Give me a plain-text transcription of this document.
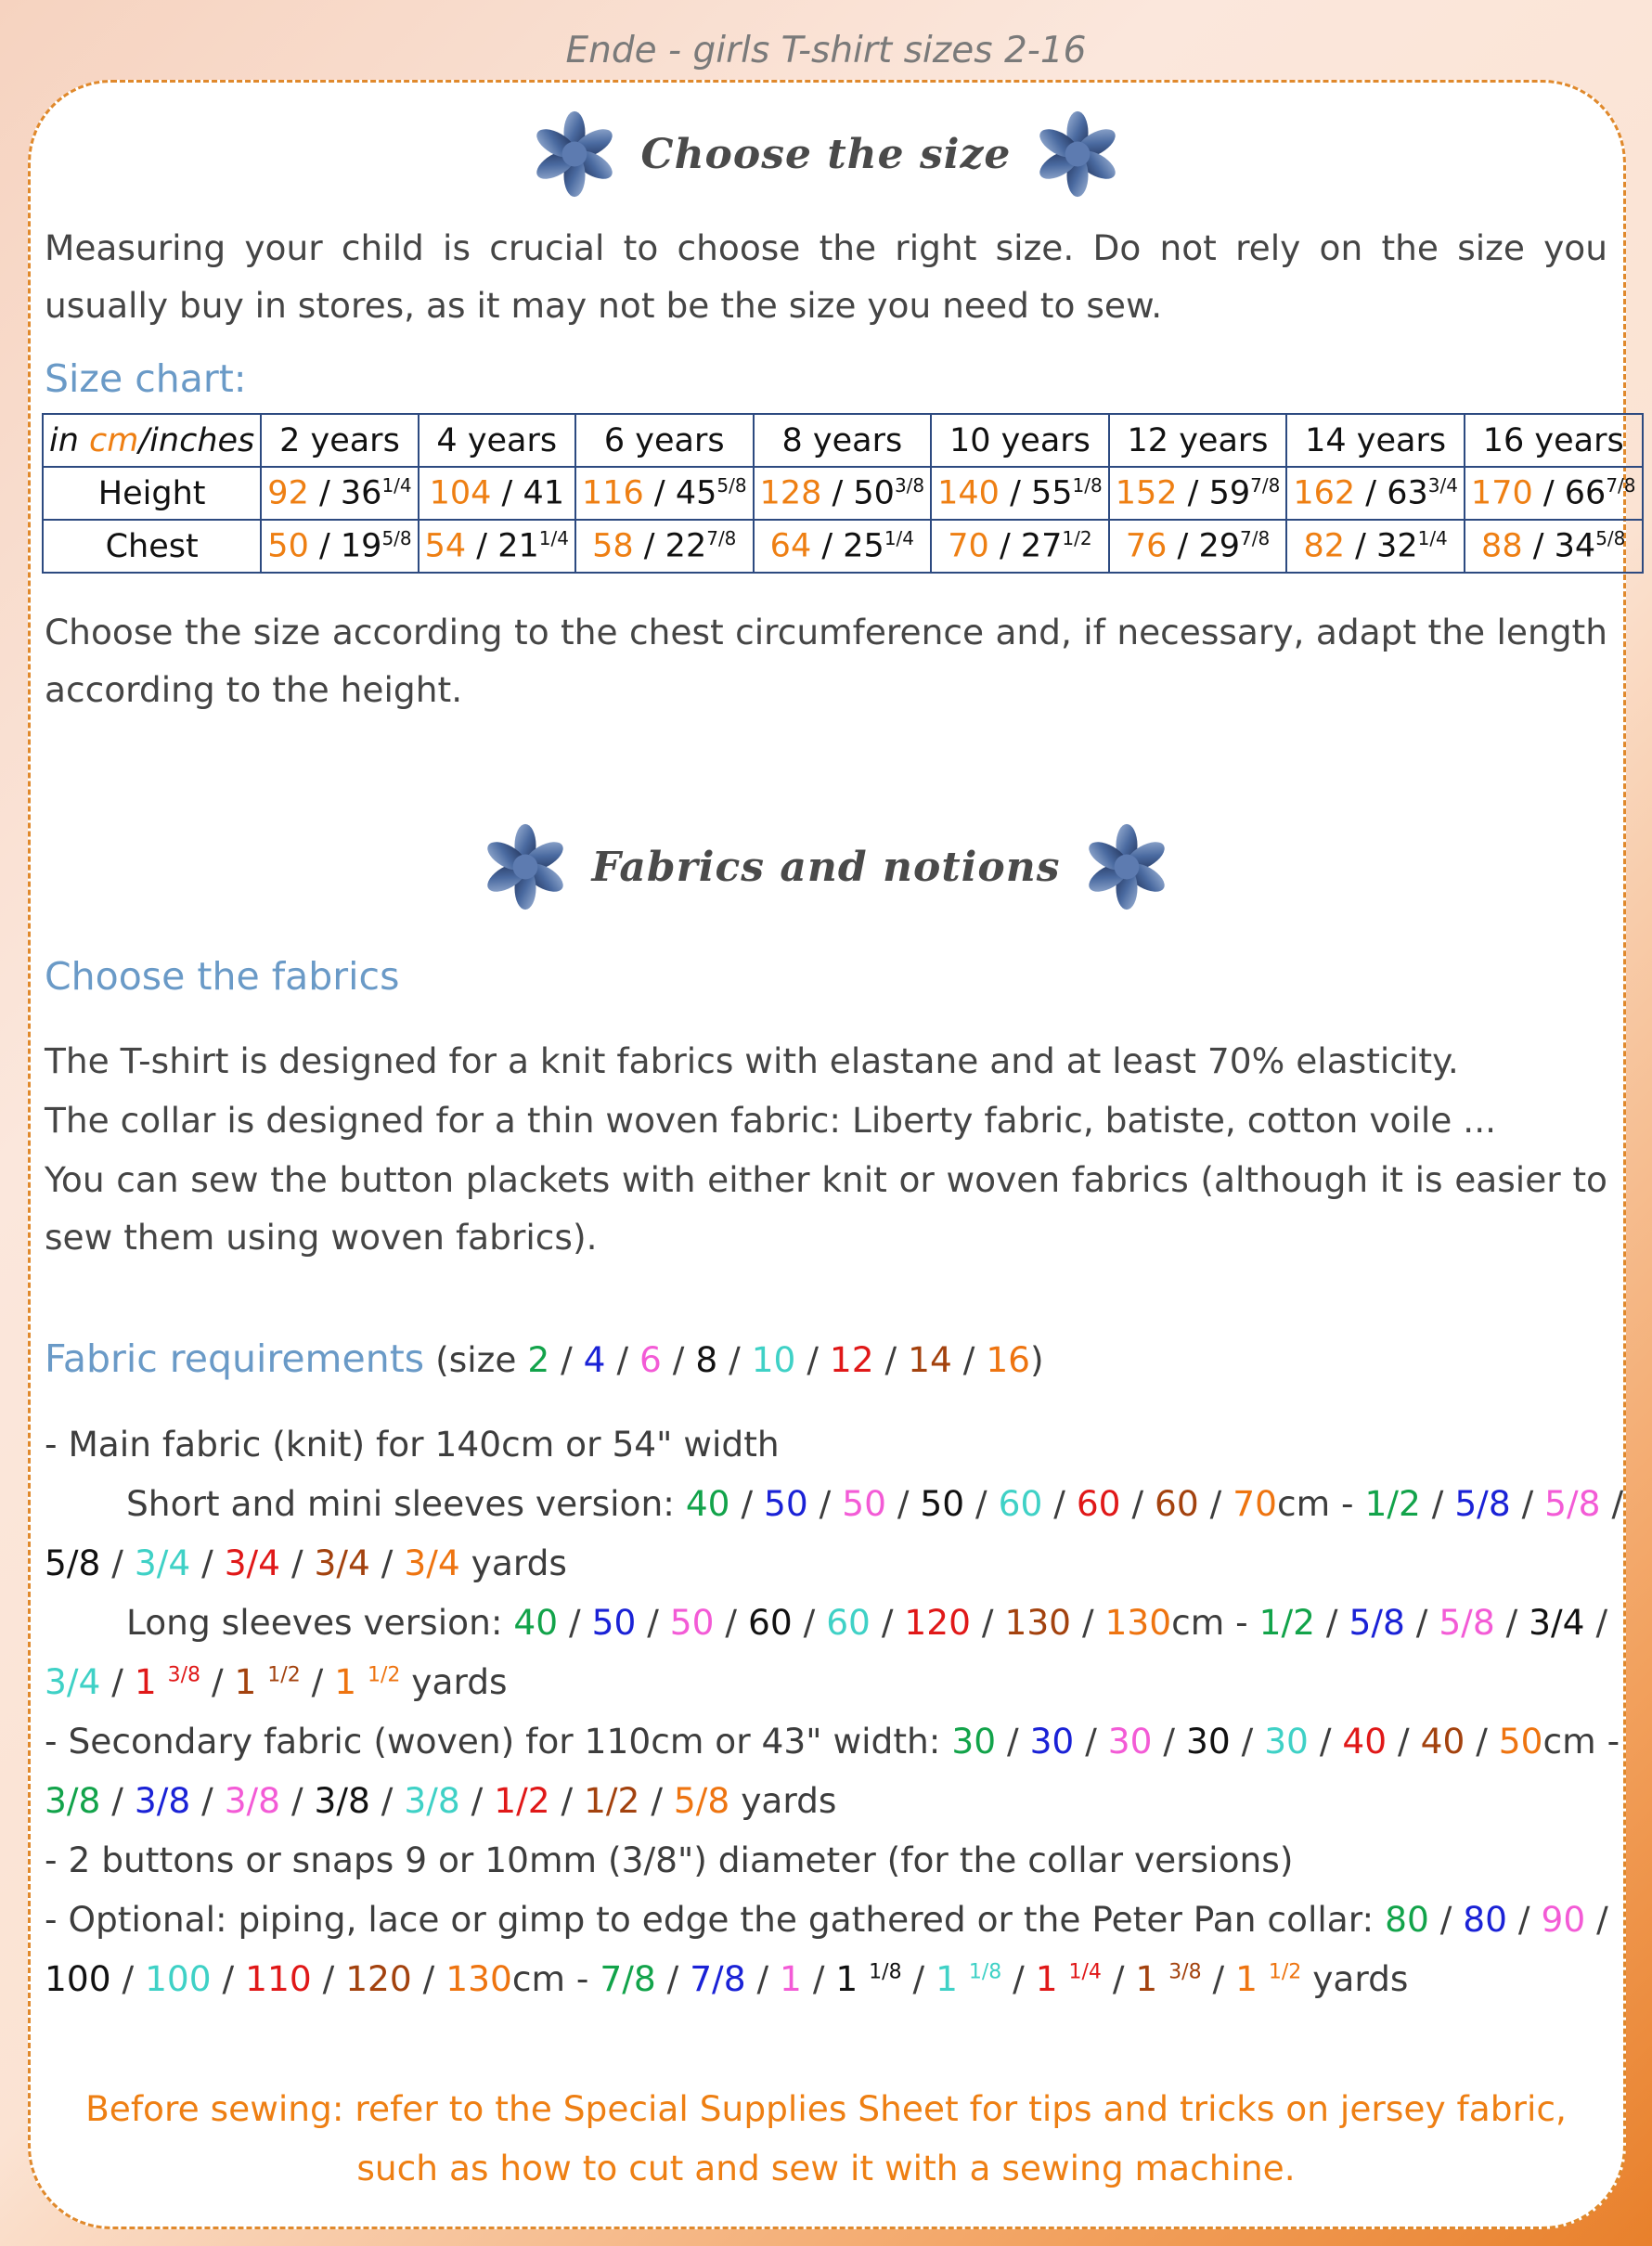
Ende - girls T-shirt sizes 2-16
Choose the size
Measuring your child is crucial to choose the right size. Do not rely on the size you usually buy in stores, as it may not be the size you need to sew.
Size chart:
in cm/inches	2 years	4 years	6 years	8 years	10 years	12 years	14 years	16 years
Height	$92 / 36^{1/4}$	104 / 41	$116 / 45^{5/8}$	$128 / 50^{3/8}$	$140 / 55^{1/8}$	$152 / 59^{7/8}$	$162 / 63^{3/4}$	$170 / 66^{7/8}$
Chest	$50 / 19^{5/8}$	$54 / 21^{1/4}$	$58 / 22^{7/8}$	$64 / 25^{1/4}$	$70 / 27^{1/2}$	$76 / 29^{7/8}$	$82 / 32^{1/4}$	$88 / 34^{5/8}$
Choose the size according to the chest circumference and, if necessary, adapt the length according to the height.
Fabrics and notions
Choose the fabrics
The T-shirt is designed for a knit fabrics with elastane and at least 70% elasticity.
The collar is designed for a thin woven fabric: Liberty fabric, batiste, cotton voile ...
You can sew the button plackets with either knit or woven fabrics (although it is easier to sew them using woven fabrics).
Fabric requirements (size 2 / 4 / 6 / 8 / 10 / 12 / 14 / 16)
- Main fabric (knit) for 140cm or 54" width
Short and mini sleeves version: 40 / 50 / 50 / 50 / 60 / 60 / 60 / 70cm - 1/2 / 5/8 / 5/8 /
5/8 / 3/4 / 3/4 / 3/4 / 3/4 yards
Long sleeves version: 40 / 50 / 50 / 60 / 60 / 120 / 130 / 130cm - 1/2 / 5/8 / 5/8 / 3/4 /
3/4 / 1 $^{3/8}$ / 1 $^{1/2}$ / 1 $^{1/2}$ yards
- Secondary fabric (woven) for 110cm or 43" width: 30 / 30 / 30 / 30 / 30 / 40 / 40 / 50cm -
3/8 / 3/8 / 3/8 / 3/8 / 3/8 / 1/2 / 1/2 / 5/8 yards
- 2 buttons or snaps 9 or 10mm (3/8") diameter (for the collar versions)
- Optional: piping, lace or gimp to edge the gathered or the Peter Pan collar: 80 / 80 / 90 /
100 / 100 / 110 / 120 / 130cm - 7/8 / 7/8 / 1 / 1 $^{1/8}$ / 1 $^{1/8}$ / 1 $^{1/4}$ / 1 $^{3/8}$ / 1 $^{1/2}$ yards
Before sewing: refer to the Special Supplies Sheet for tips and tricks on jersey fabric, such as how to cut and sew it with a sewing machine.
